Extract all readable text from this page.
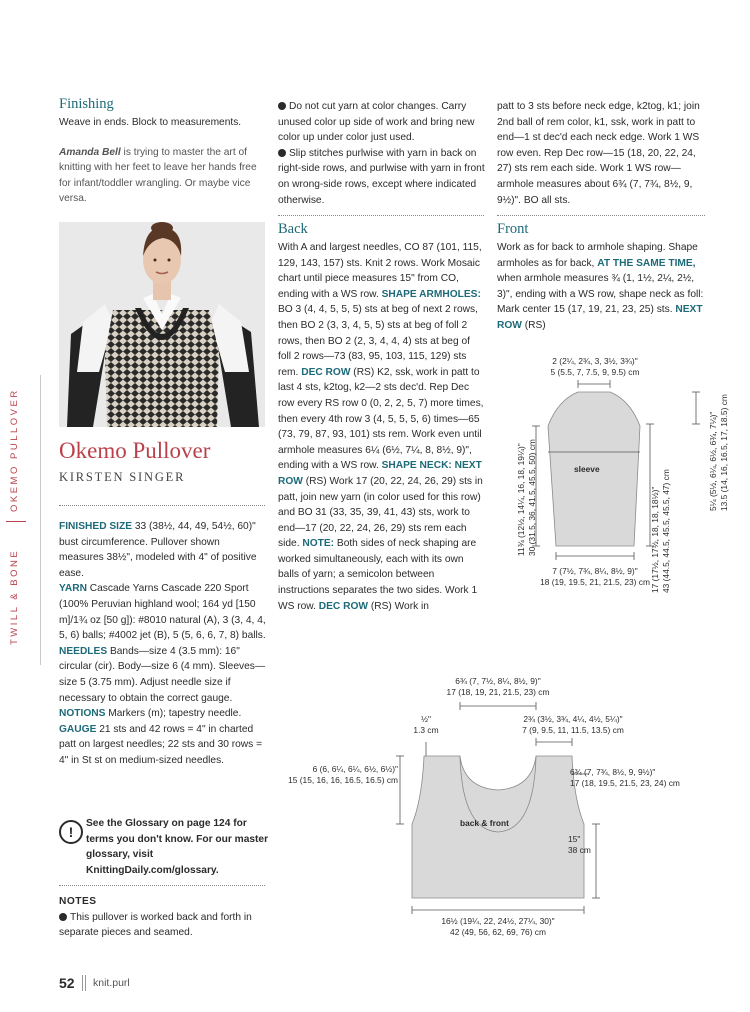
TWILL & BONE
OKEMO PULLOVER

Finishing

Weave in ends. Block to measurements.

Amanda Bell is trying to master the art of knitting with her feet to leave her hands free for infant/toddler wrangling. Or maybe vice versa.

Okemo Pullover
KIRSTEN SINGER

FINISHED SIZE 33 (38½, 44, 49, 54½, 60)" bust circumference. Pullover shown measures 38½", modeled with 4" of positive ease.

YARN Cascade Yarns Cascade 220 Sport (100% Peruvian highland wool; 164 yd [150 m]/1¾ oz [50 g]): #8010 natural (A), 3 (3, 4, 4, 5, 6) balls; #4002 jet (B), 5 (5, 6, 6, 7, 8) balls.

NEEDLES Bands—size 4 (3.5 mm): 16" circular (cir). Body—size 6 (4 mm). Sleeves—size 5 (3.75 mm). Adjust needle size if necessary to obtain the correct gauge.

NOTIONS Markers (m); tapestry needle.

GAUGE 21 sts and 42 rows = 4" in charted patt on largest needles; 22 sts and 30 rows = 4" in St st on medium-sized needles.

!

See the Glossary on page 124 for terms you don't know. For our master glossary, visit KnittingDaily.com/glossary.

NOTES

This pullover is worked back and forth in separate pieces and seamed.

Do not cut yarn at color changes. Carry unused color up side of work and bring new color up under color just used.

Slip stitches purlwise with yarn in back on right-side rows, and purlwise with yarn in front on wrong-side rows, except where indicated otherwise.

Back

With A and largest needles, CO 87 (101, 115, 129, 143, 157) sts. Knit 2 rows. Work Mosaic chart until piece measures 15" from CO, ending with a WS row. SHAPE ARMHOLES: BO 3 (4, 4, 5, 5, 5) sts at beg of next 2 rows, then BO 2 (3, 3, 4, 5, 5) sts at beg of foll 2 rows, then BO 2 (2, 3, 4, 4, 4) sts at beg of foll 2 rows—73 (83, 95, 103, 115, 129) sts rem. DEC ROW (RS) K2, ssk, work in patt to last 4 sts, k2tog, k2—2 sts dec'd. Rep Dec row every RS row 0 (0, 2, 2, 5, 7) more times, then every 4th row 3 (4, 5, 5, 5, 6) times—65 (73, 79, 87, 93, 101) sts rem. Work even until armhole measures 6¼ (6½, 7¼, 8, 8½, 9)", ending with a WS row. SHAPE NECK: NEXT ROW (RS) Work 17 (20, 22, 24, 26, 29) sts in patt, join new yarn (in color used for this row) and BO 31 (33, 35, 39, 41, 43) sts, work to end—17 (20, 22, 24, 26, 29) sts rem each side. NOTE: Both sides of neck shaping are worked simultaneously, each with its own balls of yarn; a semicolon between instructions separates the two sides. Work 1 WS row. DEC ROW (RS) Work in

patt to 3 sts before neck edge, k2tog, k1; join 2nd ball of rem color, k1, ssk, work in patt to end—1 st dec'd each neck edge. Work 1 WS row even. Rep Dec row—15 (18, 20, 22, 24, 27) sts rem each side. Work 1 WS row—armhole measures about 6¾ (7, 7¾, 8½, 9, 9½)". BO all sts.

Front

Work as for back to armhole shaping. Shape armholes as for back, AT THE SAME TIME, when armhole measures ¾ (1, 1½, 2¼, 2½, 3)", ending with a WS row, shape neck as foll: Mark center 15 (17, 19, 21, 23, 25) sts. NEXT ROW (RS)

2 (2¼, 2¾, 3, 3½, 3¾)"
5 (5.5, 7, 7.5, 9, 9.5) cm
sleeve
11¾ (12½, 14¼, 16, 18, 19¼)" 30 (31.5, 36, 41.5, 45.5, 50) cm	17 (17½, 17½, 18, 18, 18½)" 43 (44.5, 44.5, 45.5, 45.5, 47) cm
5¼ (5½, 6¼, 6½, 6¾, 7¼)" 13.5 (14, 16, 16.5, 17, 18.5) cm
7 (7½, 7¾, 8¼, 8½, 9)"
18 (19, 19.5, 21, 21.5, 23) cm
6¾ (7, 7½, 8¼, 8½, 9)"
17 (18, 19, 21, 21.5, 23) cm
½"
1.3 cm
2¾ (3½, 3¾, 4¼, 4½, 5¼)"
7 (9, 9.5, 11, 11.5, 13.5) cm
back & front
6 (6, 6¼, 6¼, 6½, 6½)"
15 (15, 16, 16, 16.5, 16.5) cm
6¾ (7, 7¾, 8½, 9, 9½)"
17 (18, 19.5, 21.5, 23, 24) cm
15"
38 cm
16½ (19¼, 22, 24½, 27¼, 30)"
42 (49, 56, 62, 69, 76) cm
52 knit.purl
